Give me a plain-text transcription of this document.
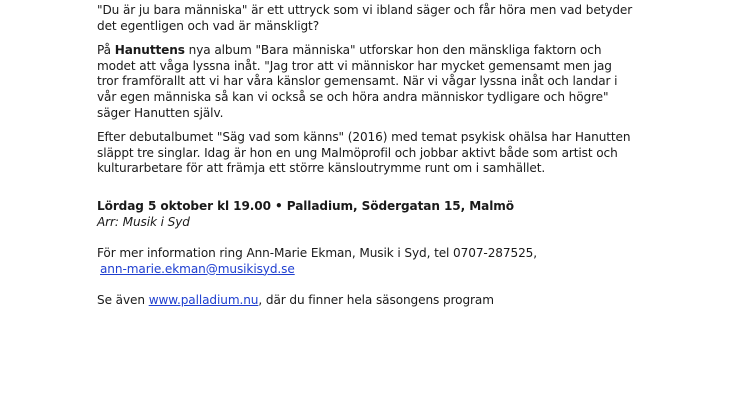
"Du är ju bara människa" är ett uttryck som vi ibland säger och får höra men vad betyder det egentligen och vad är mänskligt?

På Hanuttens nya album "Bara människa" utforskar hon den mänskliga faktorn och modet att våga lyssna inåt. "Jag tror att vi människor har mycket gemensamt men jag tror framförallt att vi har våra känslor gemensamt. När vi vågar lyssna inåt och landar i vår egen människa så kan vi också se och höra andra människor tydligare och högre" säger Hanutten själv.

Efter debutalbumet "Säg vad som känns" (2016) med temat psykisk ohälsa har Hanutten släppt tre singlar. Idag är hon en ung Malmöprofil och jobbar aktivt både som artist och kulturarbetare för att främja ett större känsloutrymme runt om i samhället.

Lördag 5 oktober kl 19.00 • Palladium, Södergatan 15, Malmö

Arr: Musik i Syd

För mer information ring Ann-Marie Ekman, Musik i Syd, tel 0707-287525,

ann-marie.ekman@musikisyd.se

Se även www.palladium.nu, där du finner hela säsongens program
